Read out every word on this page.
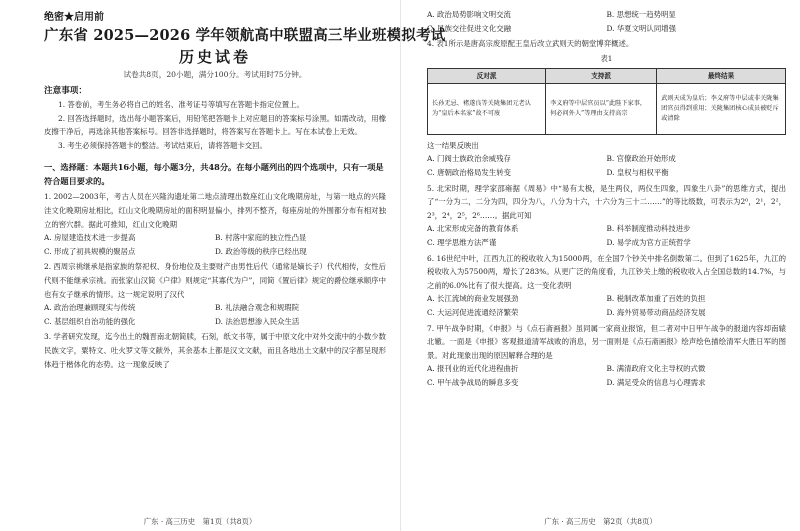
绝密★启用前
广东省 2025—2026 学年领航高中联盟高三毕业班模拟考试
历史试卷
试卷共8页，20小题，满分100分。考试用时75分钟。
注意事项：
1. 答卷前，考生务必将自己的姓名、准考证号等填写在答题卡指定位置上。
2. 回答选择题时，选出每小题答案后，用铅笔把答题卡上对应题目的答案标号涂黑。如需改动，用橡皮擦干净后，再选涂其他答案标号。回答非选择题时，将答案写在答题卡上。写在本试卷上无效。
3. 考生必须保持答题卡的整洁。考试结束后，请将答题卡交回。
一、选择题：本题共16小题，每小题3分，共48分。在每小题列出的四个选项中，只有一项是符合题目要求的。
1. 2002—2003年，考古人员在兴隆沟遗址第二地点清理出数座红山文化晚期房址，与第一地点的兴隆洼文化晚期房址相比，红山文化晚期房址的面积明显偏小，排列不整齐，每座房址的外围都分布有相对独立的窖穴群。据此可推知，红山文化晚期
A. 房屋建造技术进一步提高	B. 村落中家庭的独立性凸显
C. 形成了初具规模的聚居点	D. 政治等级的秩序已经出现
2. 西周宗祧继承是指家族的祭祀权、身份地位及主要财产由男性后代（通常是嫡长子）代代相传，女性后代则不能继承宗祧。而张家山汉简《户律》则规定“其寡代为户”，同简《置后律》规定的爵位继承顺序中也有女子继承的情形。这一规定说明了汉代
A. 政治治理兼顾现实与传统	B. 礼法融合观念和规瑕院
C. 基层组织自治功能的强化	D. 法治思想渗入民众生活
3. 学者研究发现，迄今出土的魏晋南北朝简牍，石刻，纸文书等，属于中原文化中对外交流中的小数少数民族文字，粟特文、吐火罗文等文献外，其余基本上都是汉文文献，而且各地出土文献中的汉字都呈现形体趋于楷体化的态势。这一现象反映了
广东 · 高三历史　第1页（共8页）
A. 政治局势影响文明交流	B. 思想统一趋势明显
C. 民族交往促进文化交融	D. 华夏文明认同增强
4. 表1所示是唐高宗废原配王皇后改立武则天的朝堂博弈概述。
表1
反对派	支持派	最终结果
长孙无忌、褚遂良等关陇集团元老认为“皇后本名家”故不可废	李义府等中层官员以“此陛下家事，何必问外人”等理由支持高宗	武则天成为皇后；李义府等中层或非关陇集团官员得到重用；关陇集团核心成员被贬斥或清除
这一结果反映出
A. 门阀士族政治余威残存	B. 官僚政治开始形成
C. 唐朝政治格局发生转变	D. 皇权与相权平衡
5. 北宋时期，理学家邵雍据《周易》中“易有太极，是生两仪，两仪生四象，四象生八卦”的思维方式，提出了“一分为二，二分为四，四分为八，八分为十六，十六分为三十二……”的等比级数，可表示为2⁰，2¹，2²，2³，2⁴，2⁵，2⁶……。据此可知
A. 北宋形成完备的教育体系	B. 科举制度推动科技进步
C. 理学思维方法严谨	D. 易学成为官方正统哲学
6. 16世纪中叶，江西九江的税收收入为15000两，在全国7个钞关中排名倒数第二。但到了1625年，九江的税收收入为57500两，增长了283%。从更广泛的角度看，九江钞关上缴的税收收入占全国总数的14.7%，与之前的6.0%比有了很大提高。这一变化表明
A. 长江流域的商业发展强劲	B. 税制改革加重了百姓的负担
C. 大运河促进流通经济繁荣	D. 海外贸易带动商品经济发展
7. 甲午战争时期，《申报》与《点石斋画报》虽同属一家商业报馆，但二者对中日甲午战争的报道内容却南辕北辙。一面是《申报》客观报道清军战败的消息，另一面则是《点石斋画报》绘声绘色描绘清军大胜日军的图景。对此现象出现的原因解释合理的是
A. 报刊业的近代化进程曲折	B. 满清政府文化主导权的式微
C. 甲午战争战局的瞬息多变	D. 满足受众的信息与心理需求
广东 · 高三历史　第2页（共8页）
